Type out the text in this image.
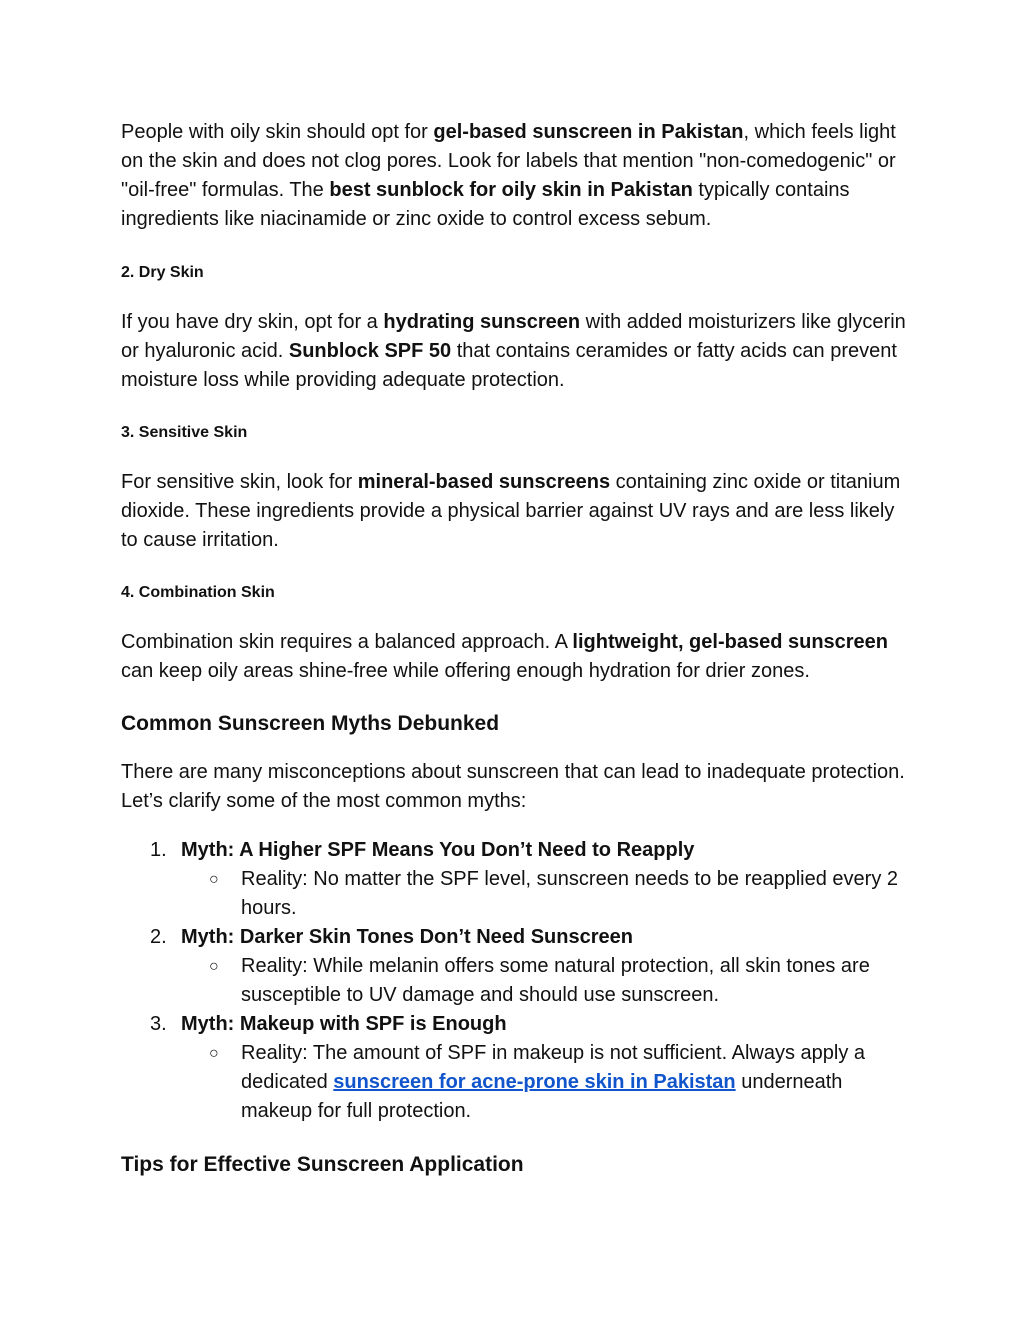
People with oily skin should opt for gel-based sunscreen in Pakistan, which feels light on the skin and does not clog pores. Look for labels that mention "non-comedogenic" or "oil-free" formulas. The best sunblock for oily skin in Pakistan typically contains ingredients like niacinamide or zinc oxide to control excess sebum.

2. Dry Skin

If you have dry skin, opt for a hydrating sunscreen with added moisturizers like glycerin or hyaluronic acid. Sunblock SPF 50 that contains ceramides or fatty acids can prevent moisture loss while providing adequate protection.

3. Sensitive Skin

For sensitive skin, look for mineral-based sunscreens containing zinc oxide or titanium dioxide. These ingredients provide a physical barrier against UV rays and are less likely to cause irritation.

4. Combination Skin

Combination skin requires a balanced approach. A lightweight, gel-based sunscreen can keep oily areas shine-free while offering enough hydration for drier zones.

Common Sunscreen Myths Debunked

There are many misconceptions about sunscreen that can lead to inadequate protection. Let’s clarify some of the most common myths:

1. Myth: A Higher SPF Means You Don’t Need to Reapply
○ Reality: No matter the SPF level, sunscreen needs to be reapplied every 2 hours.
2. Myth: Darker Skin Tones Don’t Need Sunscreen
○ Reality: While melanin offers some natural protection, all skin tones are susceptible to UV damage and should use sunscreen.
3. Myth: Makeup with SPF is Enough
○ Reality: The amount of SPF in makeup is not sufficient. Always apply a dedicated sunscreen for acne-prone skin in Pakistan underneath makeup for full protection.
Tips for Effective Sunscreen Application
